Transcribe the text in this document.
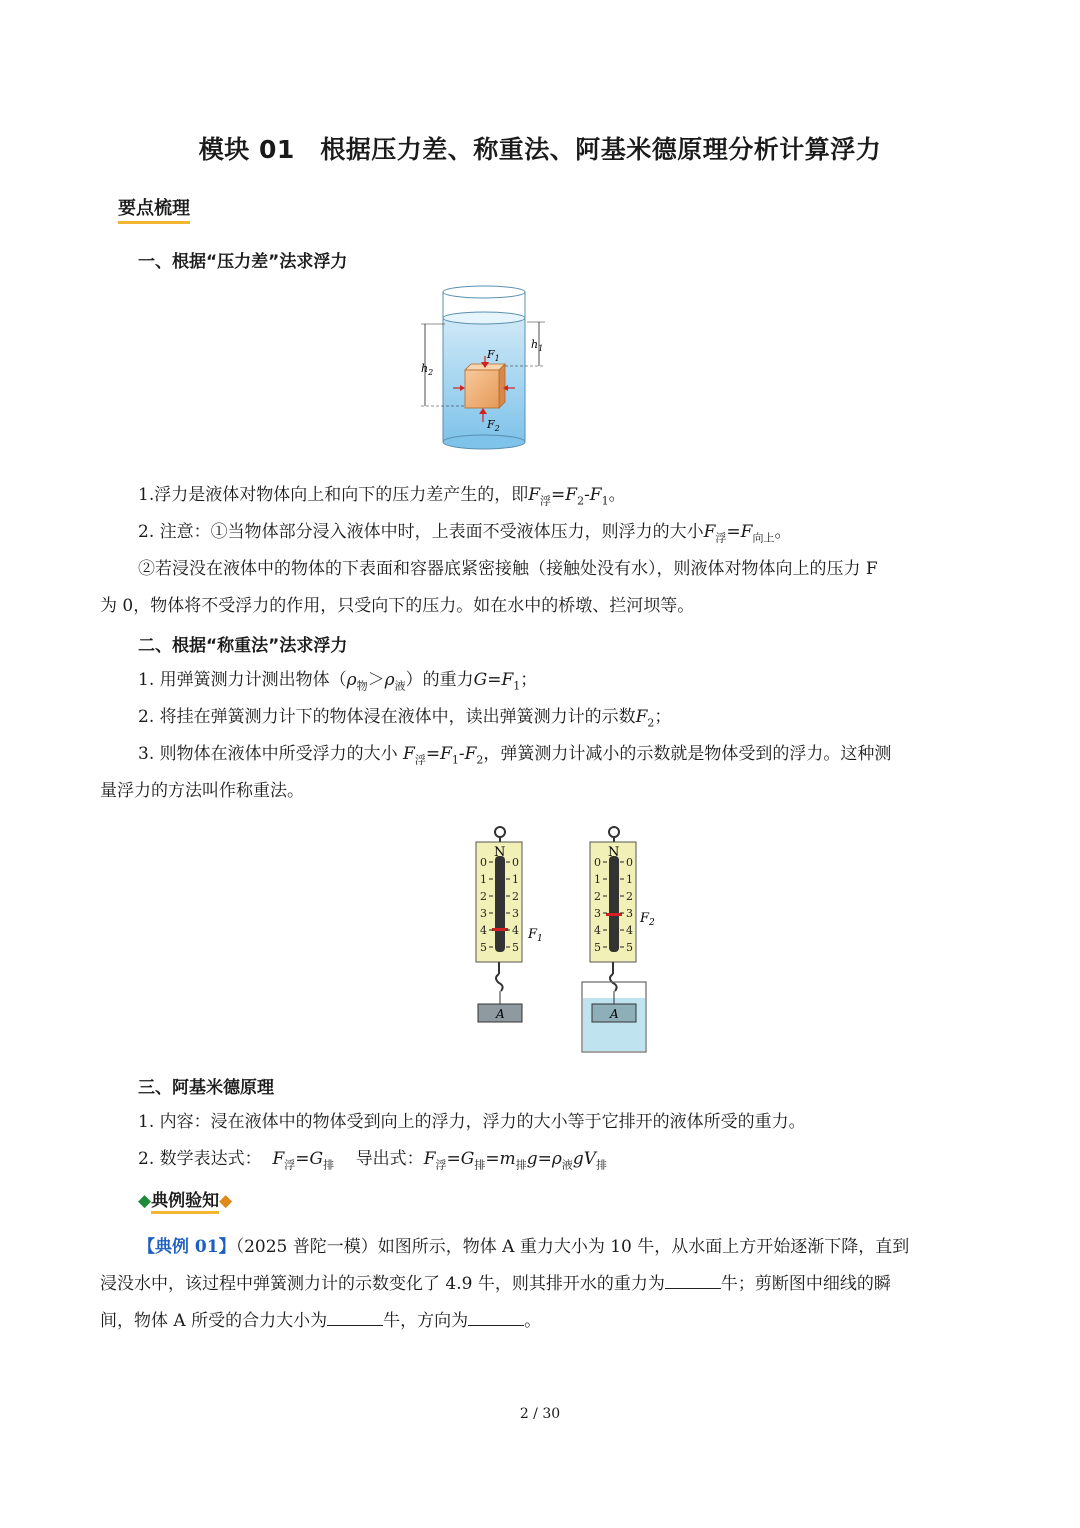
模块 01　根据压力差、称重法、阿基米德原理分析计算浮力
要点梳理
一、根据“压力差”法求浮力
$h_2$
$h_1$
$F_1$
$F_2$
1.浮力是液体对物体向上和向下的压力差产生的，即$F_浮=F_2-F_1$。
2. 注意：①当物体部分浸入液体中时，上表面不受液体压力，则浮力的大小$F_浮=F_{向上}$。
②若浸没在液体中的物体的下表面和容器底紧密接触（接触处没有水），则液体对物体向上的压力 F
为 0，物体将不受浮力的作用，只受向下的压力。如在水中的桥墩、拦河坝等。
二、根据“称重法”法求浮力
1. 用弹簧测力计测出物体$(\rho_物>\rho_液)$的重力$G=F_1$；
2. 将挂在弹簧测力计下的物体浸在液体中，读出弹簧测力计的示数$F_2$；
3. 则物体在液体中所受浮力的大小 $F_浮=F_1-F_2$，弹簧测力计减小的示数就是物体受到的浮力。这种测
量浮力的方法叫作称重法。
N
0
1
2
3
4
5
0
1
2
3
4
5
A
$F_1$
N
0
1
2
3
4
5
0
1
2
3
4
5
A
$F_2$
三、阿基米德原理
1. 内容：浸在液体中的物体受到向上的浮力，浮力的大小等于它排开的液体所受的重力。
2. 数学表达式： $F_浮=G_排$ 导出式：$F_浮=G_排=m_排g=\rho_液gV_排$
◆典例验知◆
【典例 01】（2025 普陀一模）如图所示，物体 A 重力大小为 10 牛，从水面上方开始逐渐下降，直到
浸没水中，该过程中弹簧测力计的示数变化了 4.9 牛，则其排开水的重力为	牛；剪断图中细线的瞬
间，物体 A 所受的合力大小为	牛，方向为	。
2 / 30
